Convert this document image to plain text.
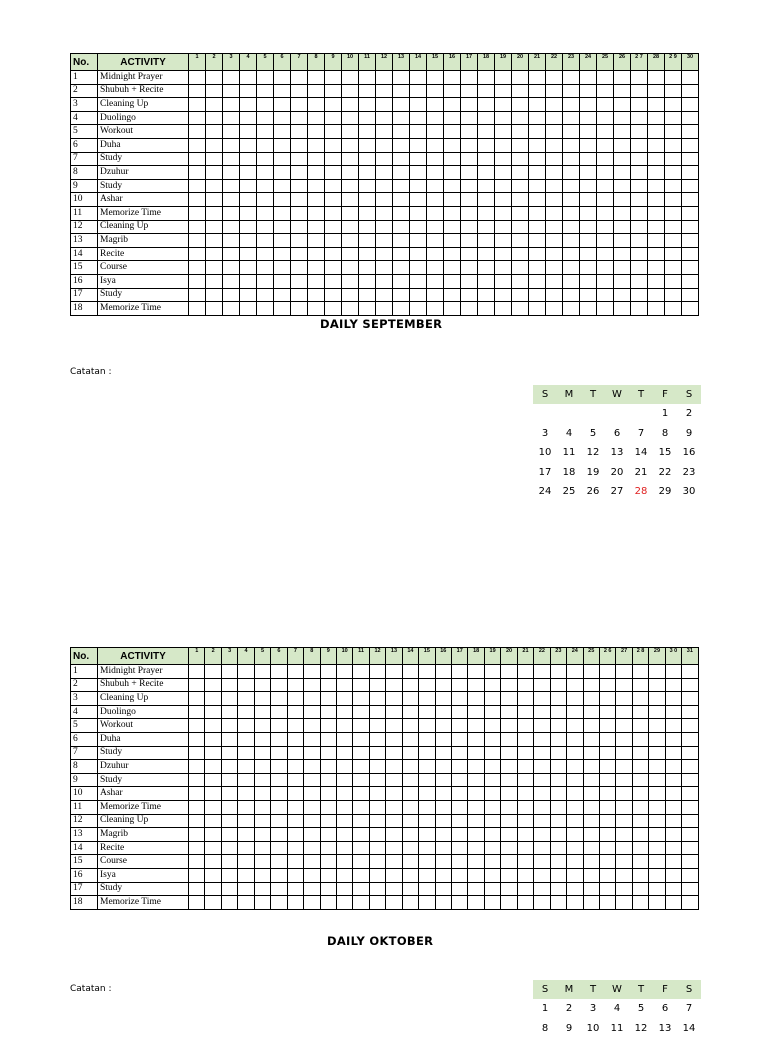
No.	ACTIVITY	1	2	3	4	5	6	7	8	9	10	11	12	13	14	15	16	17	18	19	20	21	22	23	24	25	26	2 7	28	2 9	30
1	Midnight Prayer																														
2	Shubuh + Recite																														
3	Cleaning Up																														
4	Duolingo																														
5	Workout																														
6	Duha																														
7	Study																														
8	Dzuhur																														
9	Study																														
10	Ashar																														
11	Memorize Time																														
12	Cleaning Up																														
13	Magrib																														
14	Recite																														
15	Course																														
16	Isya																														
17	Study																														
18	Memorize Time																														
DAILY SEPTEMBER
Catatan :
S	M	T	W	T	F	S
					1	2
3	4	5	6	7	8	9
10	11	12	13	14	15	16
17	18	19	20	21	22	23
24	25	26	27	28	29	30
No.	ACTIVITY	1	2	3	4	5	6	7	8	9	10	11	12	13	14	15	16	17	18	19	20	21	22	23	24	25	2 6	27	2 8	29	3 0	31
1	Midnight Prayer																															
2	Shubuh + Recite																															
3	Cleaning Up																															
4	Duolingo																															
5	Workout																															
6	Duha																															
7	Study																															
8	Dzuhur																															
9	Study																															
10	Ashar																															
11	Memorize Time																															
12	Cleaning Up																															
13	Magrib																															
14	Recite																															
15	Course																															
16	Isya																															
17	Study																															
18	Memorize Time																															
DAILY OKTOBER
Catatan :	S	M	T	W	T	F	S
1	2	3	4	5	6	7
8	9	10	11	12	13	14
